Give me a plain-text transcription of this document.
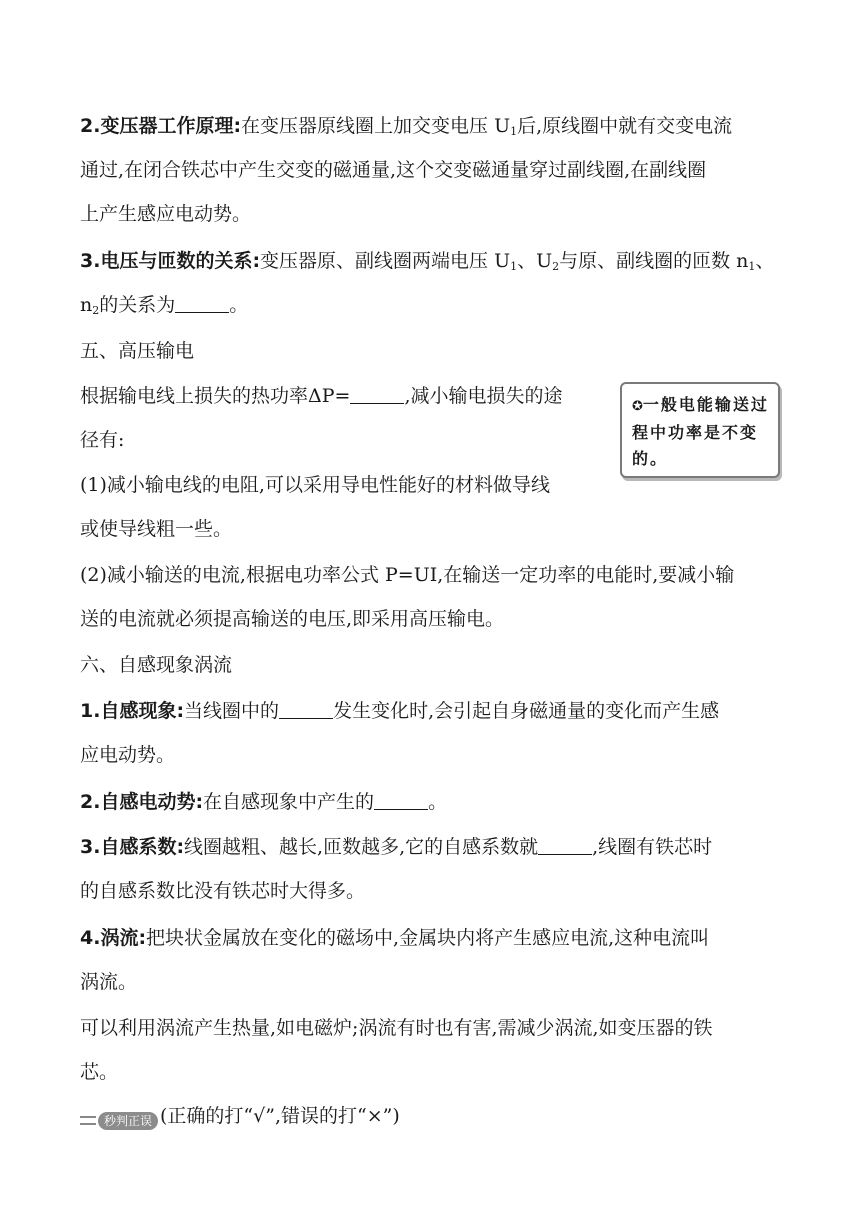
2.变压器工作原理:在变压器原线圈上加交变电压 $U_1$后,原线圈中就有交变电流
通过,在闭合铁芯中产生交变的磁通量,这个交变磁通量穿过副线圈,在副线圈
上产生感应电动势。
3.电压与匝数的关系:变压器原、副线圈两端电压 $U_1$、$U_2$与原、副线圈的匝数 $n_1$、
$n_2$的关系为	。
五、高压输电
根据输电线上损失的热功率ΔP=	,减小输电损失的途
径有:
(1)减小输电线的电阻,可以采用导电性能好的材料做导线
或使导线粗一些。
(2)减小输送的电流,根据电功率公式 P=UI,在输送一定功率的电能时,要减小输
送的电流就必须提高输送的电压,即采用高压输电。
✪一般电能输送过程中功率是不变的。
六、自感现象涡流
1.自感现象:当线圈中的	发生变化时,会引起自身磁通量的变化而产生感
应电动势。
2.自感电动势:在自感现象中产生的	。
3.自感系数:线圈越粗、越长,匝数越多,它的自感系数就	,线圈有铁芯时
的自感系数比没有铁芯时大得多。
4.涡流:把块状金属放在变化的磁场中,金属块内将产生感应电流,这种电流叫
涡流。
可以利用涡流产生热量,如电磁炉;涡流有时也有害,需减少涡流,如变压器的铁
芯。
秒判正误 (正确的打“√”,错误的打“×”)
